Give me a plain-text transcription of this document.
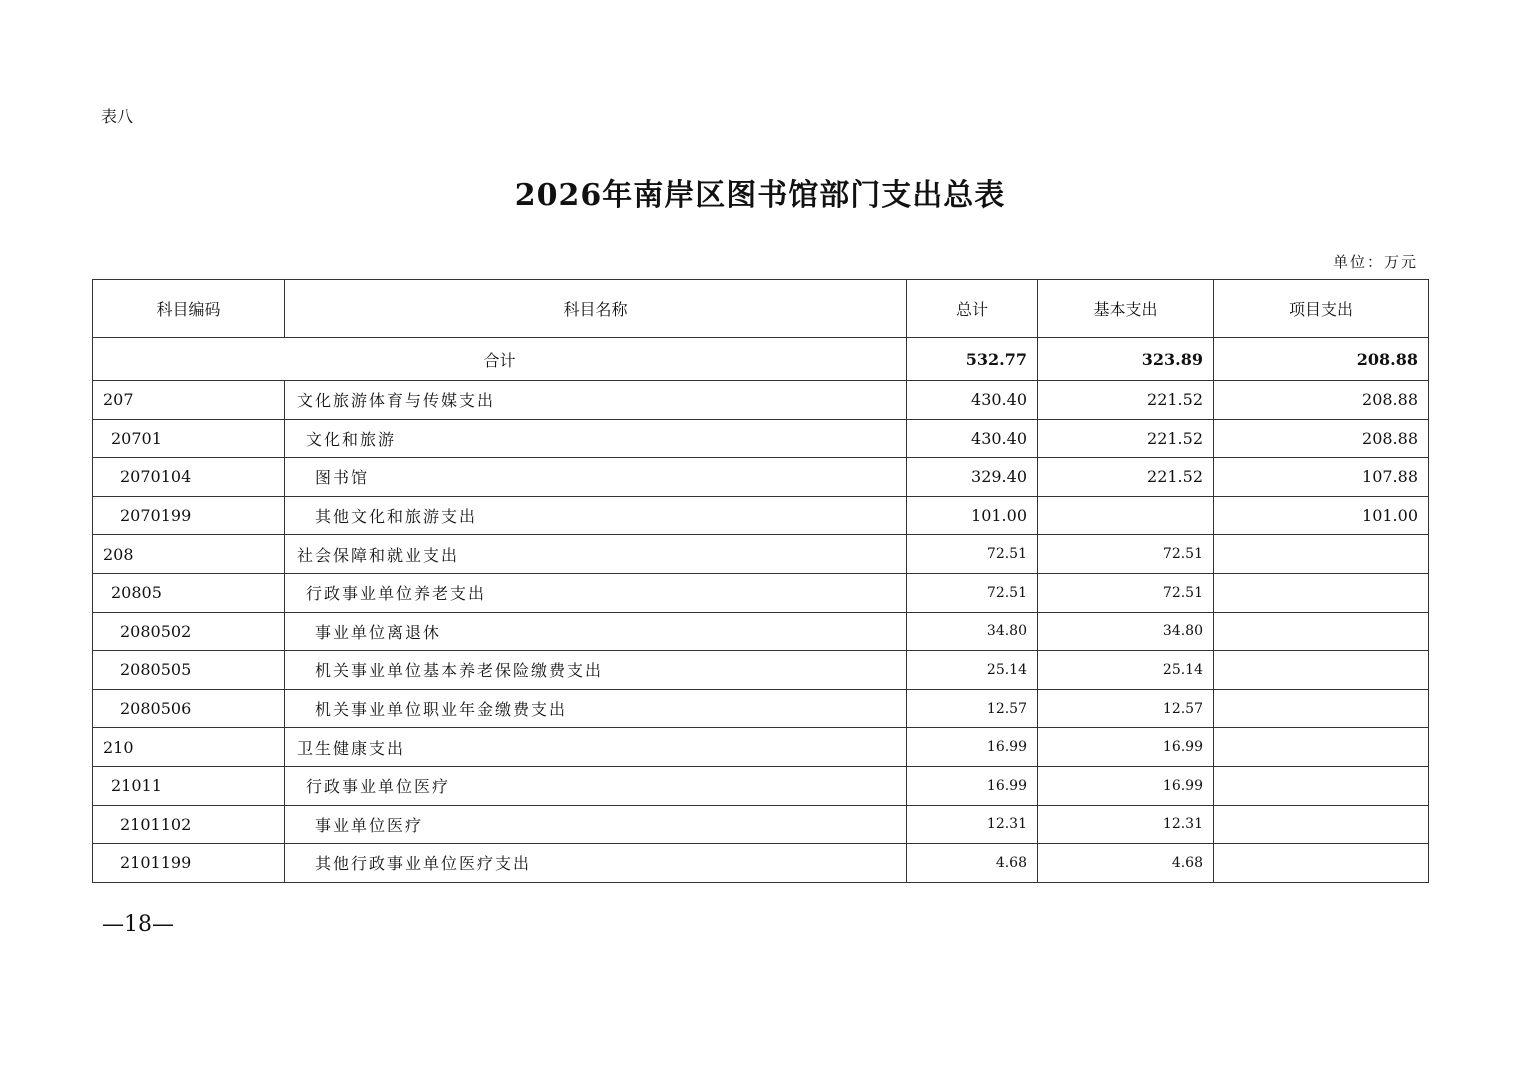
表八
2026年南岸区图书馆部门支出总表
单位：万元
科目编码	科目名称	总计	基本支出	项目支出
合计		532.77	323.89	208.88
207	文化旅游体育与传媒支出	430.40	221.52	208.88
20701	文化和旅游	430.40	221.52	208.88
2070104	图书馆	329.40	221.52	107.88
2070199	其他文化和旅游支出	101.00		101.00
208	社会保障和就业支出	72.51	72.51	
20805	行政事业单位养老支出	72.51	72.51	
2080502	事业单位离退休	34.80	34.80	
2080505	机关事业单位基本养老保险缴费支出	25.14	25.14	
2080506	机关事业单位职业年金缴费支出	12.57	12.57	
210	卫生健康支出	16.99	16.99	
21011	行政事业单位医疗	16.99	16.99	
2101102	事业单位医疗	12.31	12.31	
2101199	其他行政事业单位医疗支出	4.68	4.68	
—18—
